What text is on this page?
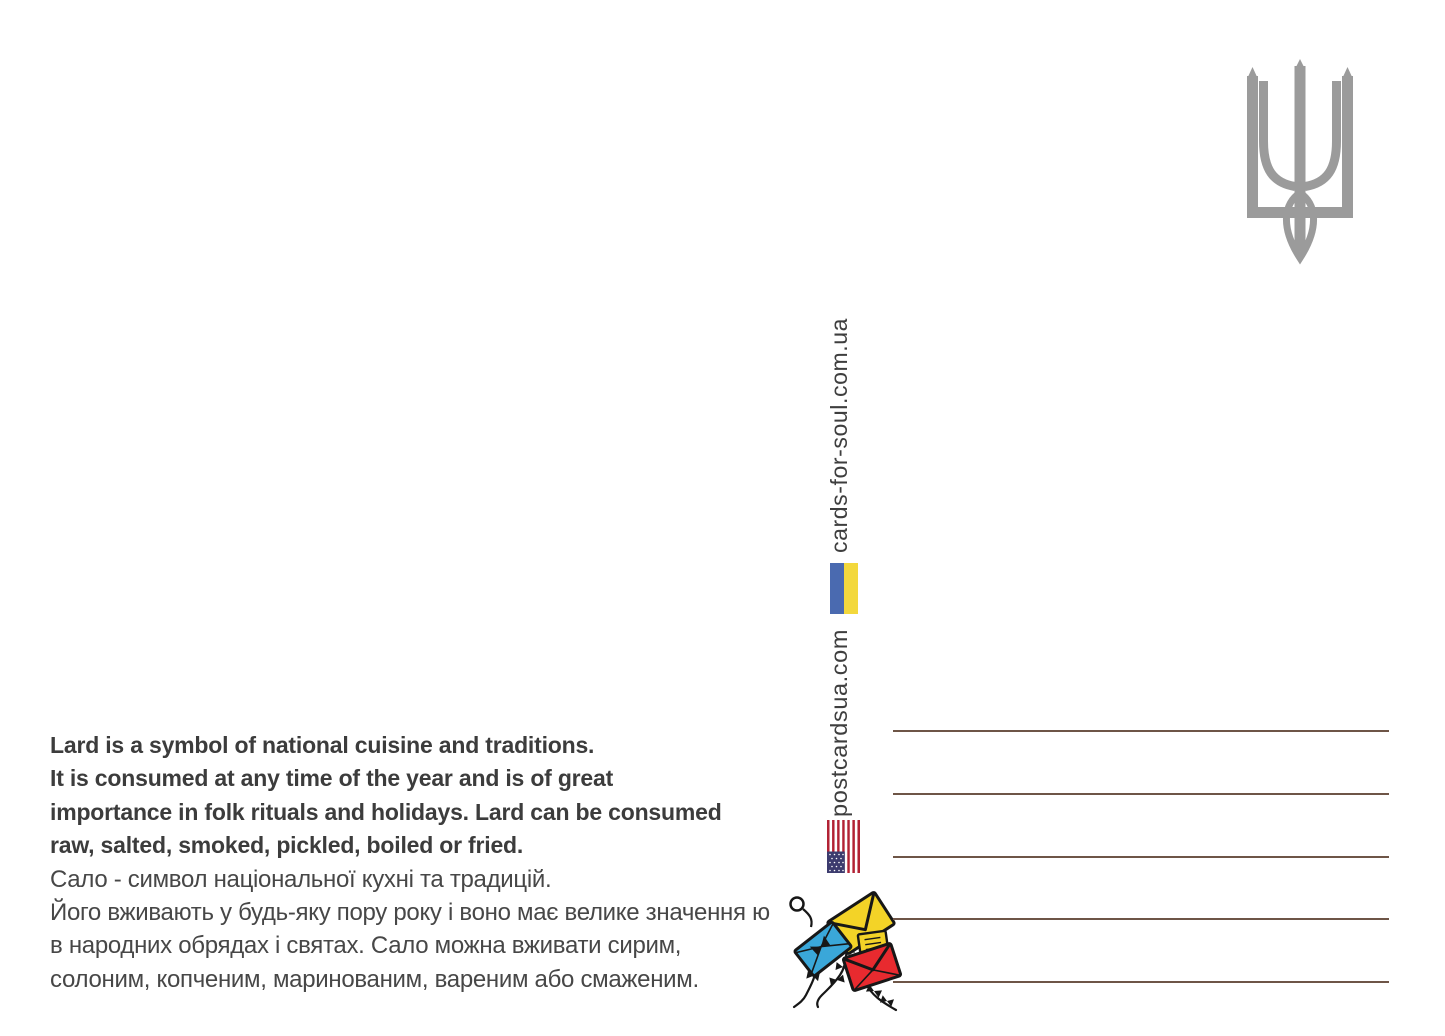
cards-for-soul.com.ua
postcardsua.com
Lard is a symbol of national cuisine and traditions.
It is consumed at any time of the year and is of great
importance in folk rituals and holidays. Lard can be consumed
raw, salted, smoked, pickled, boiled or fried.
Сало - символ національної кухні та традицій.
Його вживають у будь-яку пору року і воно має велике значення ю
в народних обрядах і святах. Сало можна вживати сирим,
солоним, копченим, маринованим, вареним або смаженим.
